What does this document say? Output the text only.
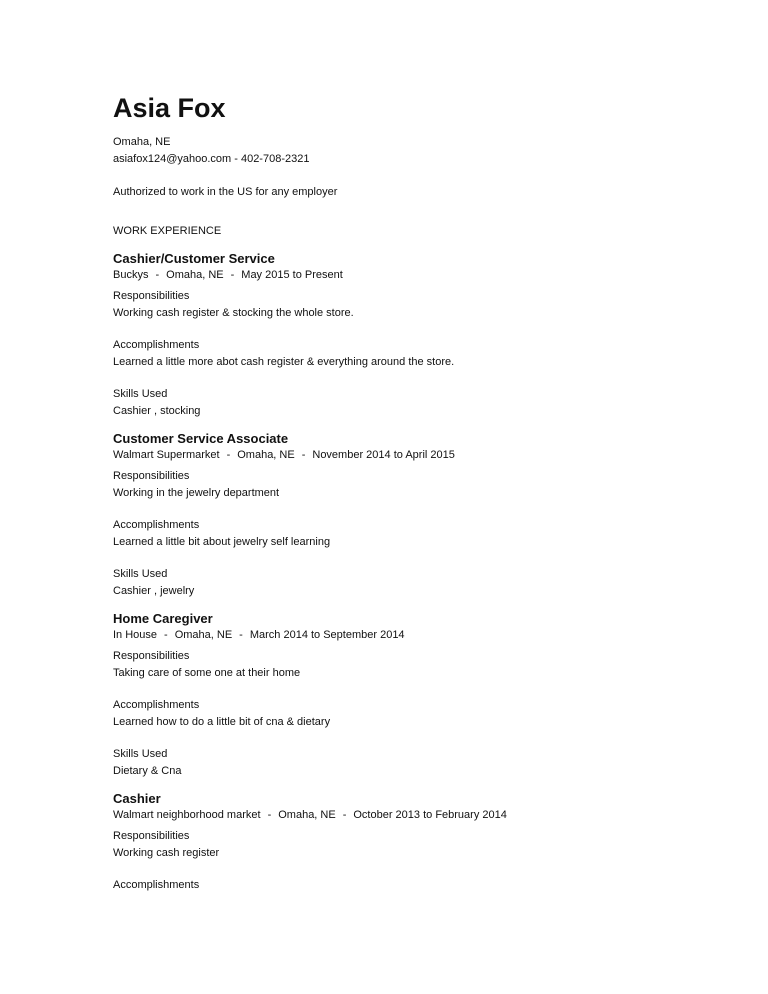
Asia Fox
Omaha, NE
asiafox124@yahoo.com - 402-708-2321
Authorized to work in the US for any employer
WORK EXPERIENCE
Cashier/Customer Service
Buckys - Omaha, NE - May 2015 to Present
Responsibilities
Working cash register & stocking the whole store.
Accomplishments
Learned a little more abot cash register & everything around the store.
Skills Used
Cashier , stocking
Customer Service Associate
Walmart Supermarket - Omaha, NE - November 2014 to April 2015
Responsibilities
Working in the jewelry department
Accomplishments
Learned a little bit about jewelry self learning
Skills Used
Cashier , jewelry
Home Caregiver
In House - Omaha, NE - March 2014 to September 2014
Responsibilities
Taking care of some one at their home
Accomplishments
Learned how to do a little bit of cna & dietary
Skills Used
Dietary & Cna
Cashier
Walmart neighborhood market - Omaha, NE - October 2013 to February 2014
Responsibilities
Working cash register
Accomplishments
